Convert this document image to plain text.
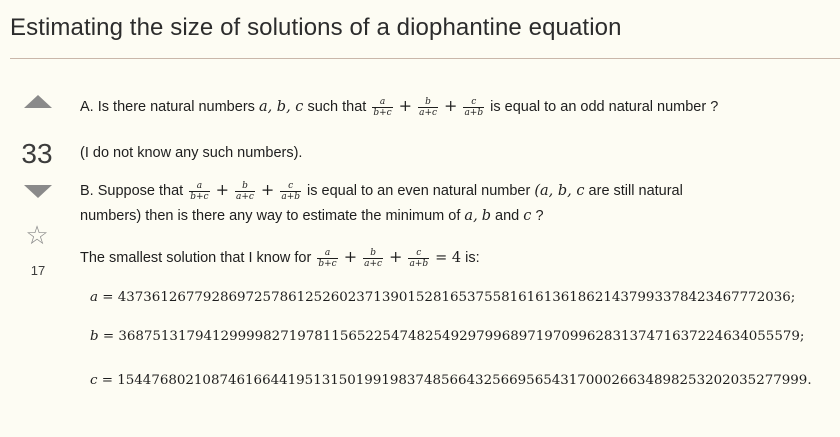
Estimating the size of solutions of a diophantine equation
33
☆
17
A. Is there natural numbers a, b, c such that $\frac{a}{b+c} + \frac{b}{a+c} + \frac{c}{a+b}$ is equal to an odd natural number ?
(I do not know any such numbers).
B. Suppose that $\frac{a}{b+c} + \frac{b}{a+c} + \frac{c}{a+b}$ is equal to an even natural number (a, b, c are still natural
numbers) then is there any way to estimate the minimum of a, b and c ?
The smallest solution that I know for $\frac{a}{b+c} + \frac{b}{a+c} + \frac{c}{a+b} = 4$ is:
a = 4373612677928697257861252602371390152816537558161613618621437993378423467772036;
b = 36875131794129999827197811565225474825492979968971970996283137471637224634055579;
c = 154476802108746166441951315019919837485664325669565431700026634898253202035277999.
